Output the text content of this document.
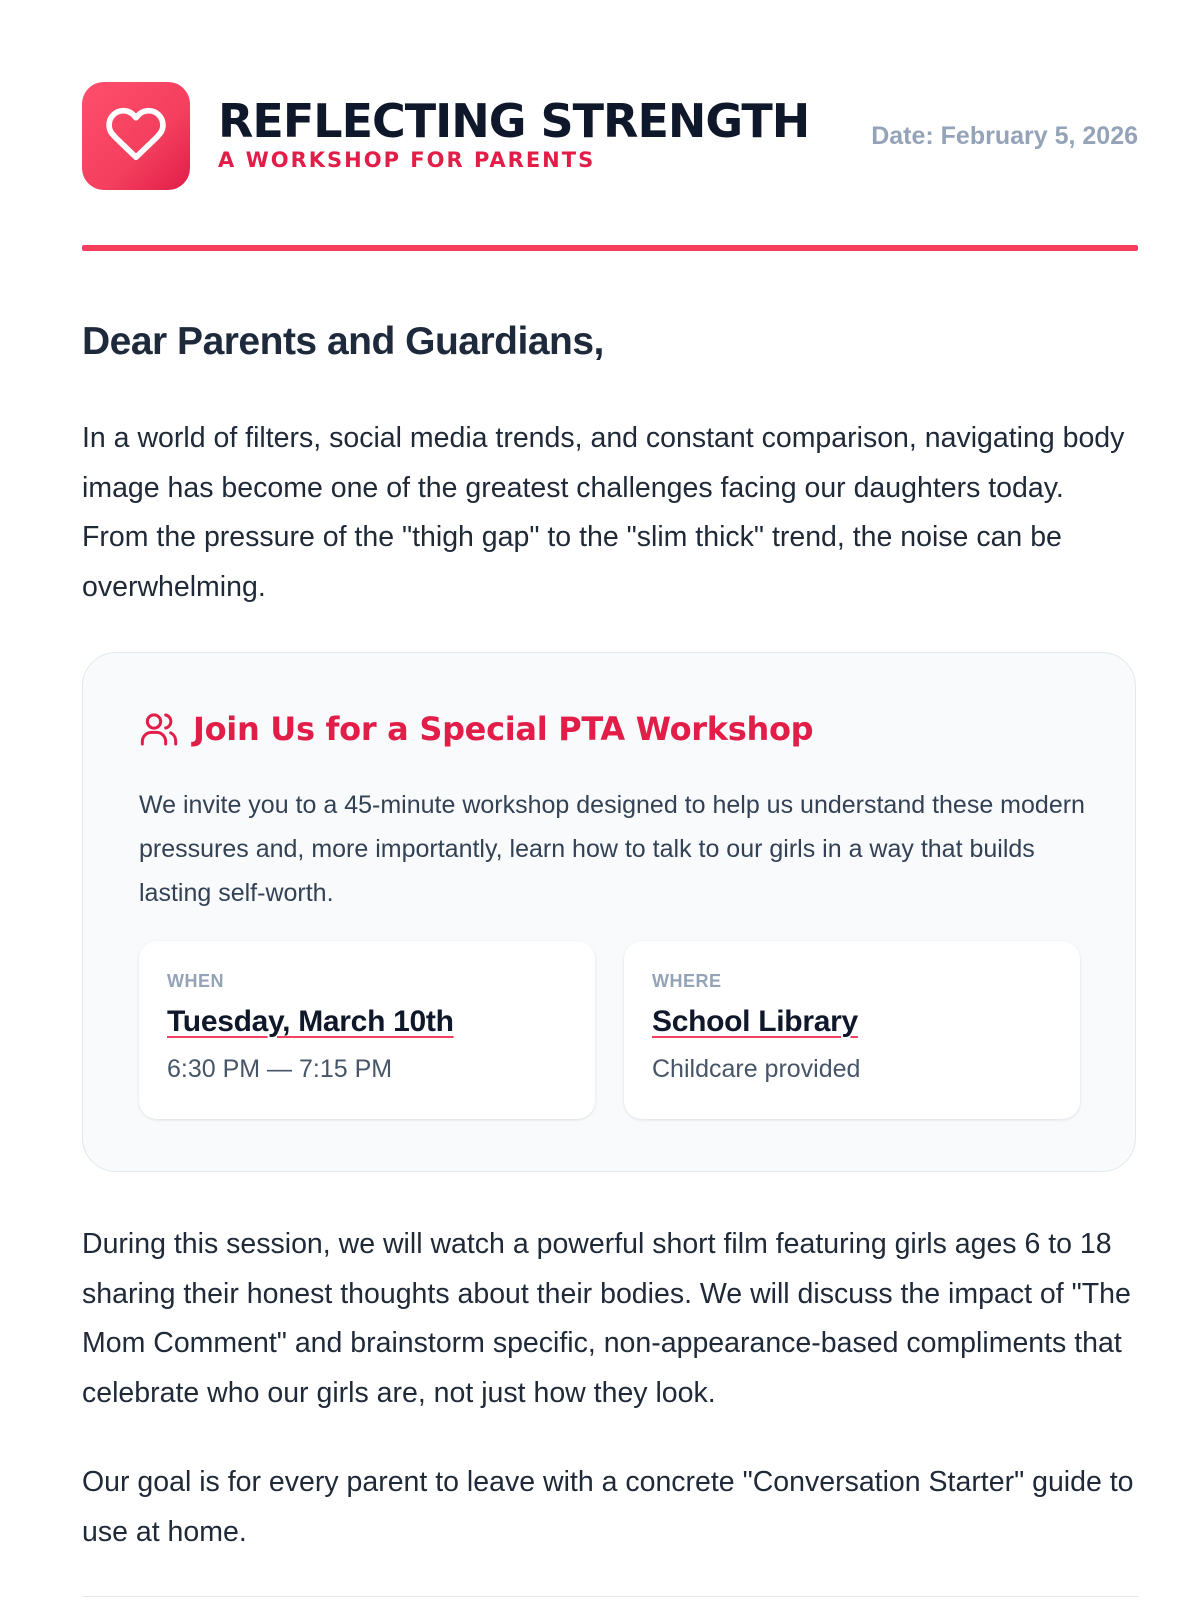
REFLECTING STRENGTH
A WORKSHOP FOR PARENTS
Date: February 5, 2026
Dear Parents and Guardians,

In a world of filters, social media trends, and constant comparison, navigating body image has become one of the greatest challenges facing our daughters today. From the pressure of the "thigh gap" to the "slim thick" trend, the noise can be overwhelming.

Join Us for a Special PTA Workshop

We invite you to a 45-minute workshop designed to help us understand these modern pressures and, more importantly, learn how to talk to our girls in a way that builds lasting self-worth.

WHEN
Tuesday, March 10th
6:30 PM — 7:15 PM
WHERE
School Library
Childcare provided

During this session, we will watch a powerful short film featuring girls ages 6 to 18 sharing their honest thoughts about their bodies. We will discuss the impact of "The Mom Comment" and brainstorm specific, non-appearance-based compliments that celebrate who our girls are, not just how they look.

Our goal is for every parent to leave with a concrete "Conversation Starter" guide to use at home.
